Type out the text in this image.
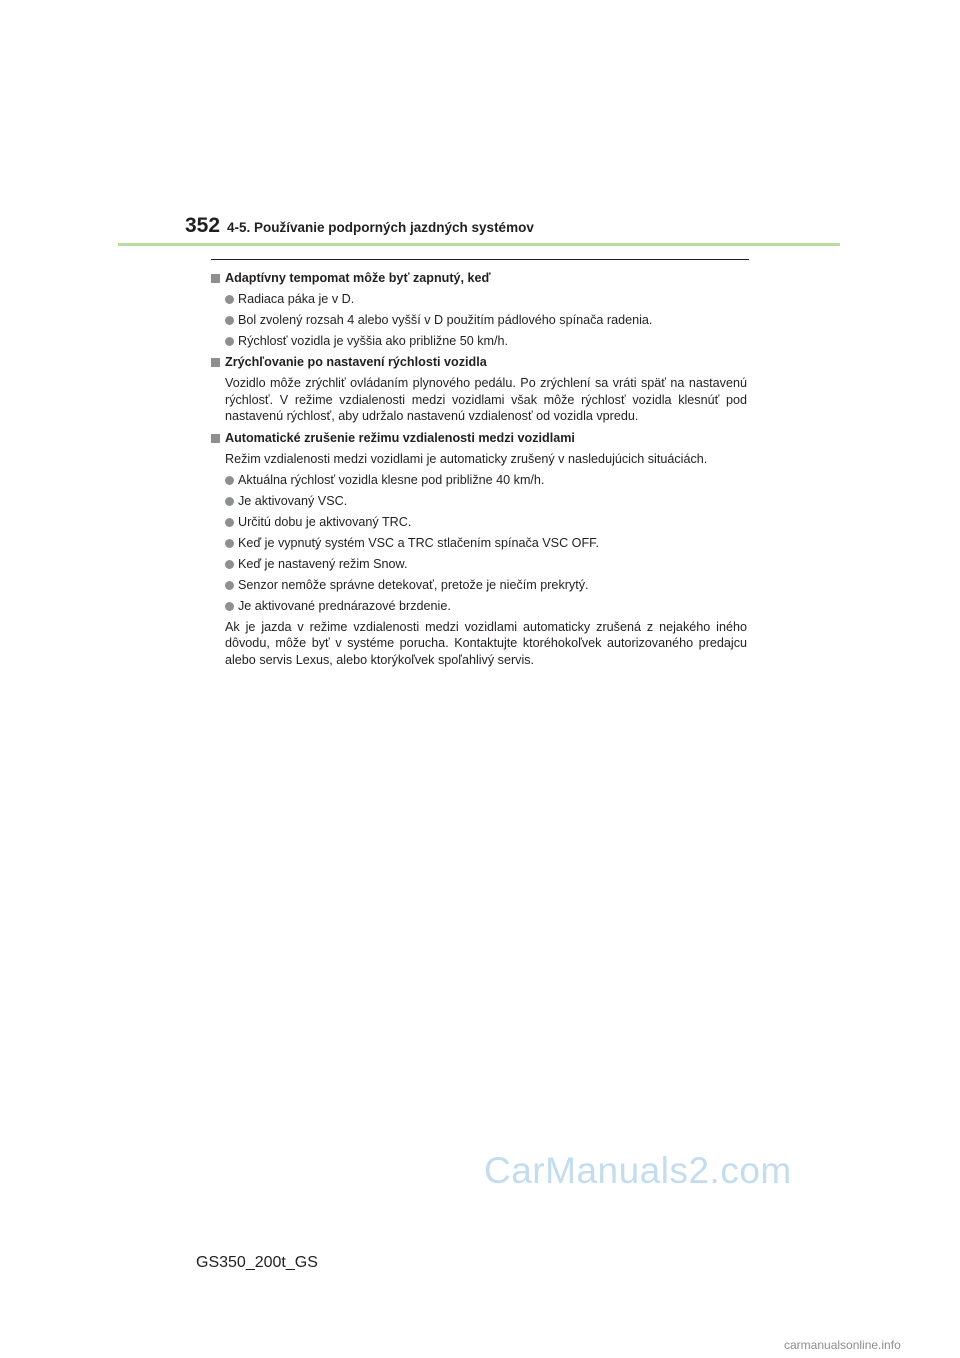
352 4-5. Používanie podporných jazdných systémov
Adaptívny tempomat môže byť zapnutý, keď
Radiaca páka je v D.
Bol zvolený rozsah 4 alebo vyšší v D použitím pádlového spínača radenia.
Rýchlosť vozidla je vyššia ako približne 50 km/h.
Zrýchľovanie po nastavení rýchlosti vozidla
Vozidlo môže zrýchliť ovládaním plynového pedálu. Po zrýchlení sa vráti späť na nastavenú rýchlosť. V režime vzdialenosti medzi vozidlami však môže rýchlosť vozidla klesnúť pod nastavenú rýchlosť, aby udržalo nastavenú vzdialenosť od vozidla vpredu.
Automatické zrušenie režimu vzdialenosti medzi vozidlami
Režim vzdialenosti medzi vozidlami je automaticky zrušený v nasledujúcich situáciách.
Aktuálna rýchlosť vozidla klesne pod približne 40 km/h.
Je aktivovaný VSC.
Určitú dobu je aktivovaný TRC.
Keď je vypnutý systém VSC a TRC stlačením spínača VSC OFF.
Keď je nastavený režim Snow.
Senzor nemôže správne detekovať, pretože je niečím prekrytý.
Je aktivované prednárazové brzdenie.
Ak je jazda v režime vzdialenosti medzi vozidlami automaticky zrušená z nejakého iného dôvodu, môže byť v systéme porucha. Kontaktujte ktoréhokoľvek autorizovaného predajcu alebo servis Lexus, alebo ktorýkoľvek spoľahlivý servis.
CarManuals2.com
GS350_200t_GS
carmanualsonline.info
